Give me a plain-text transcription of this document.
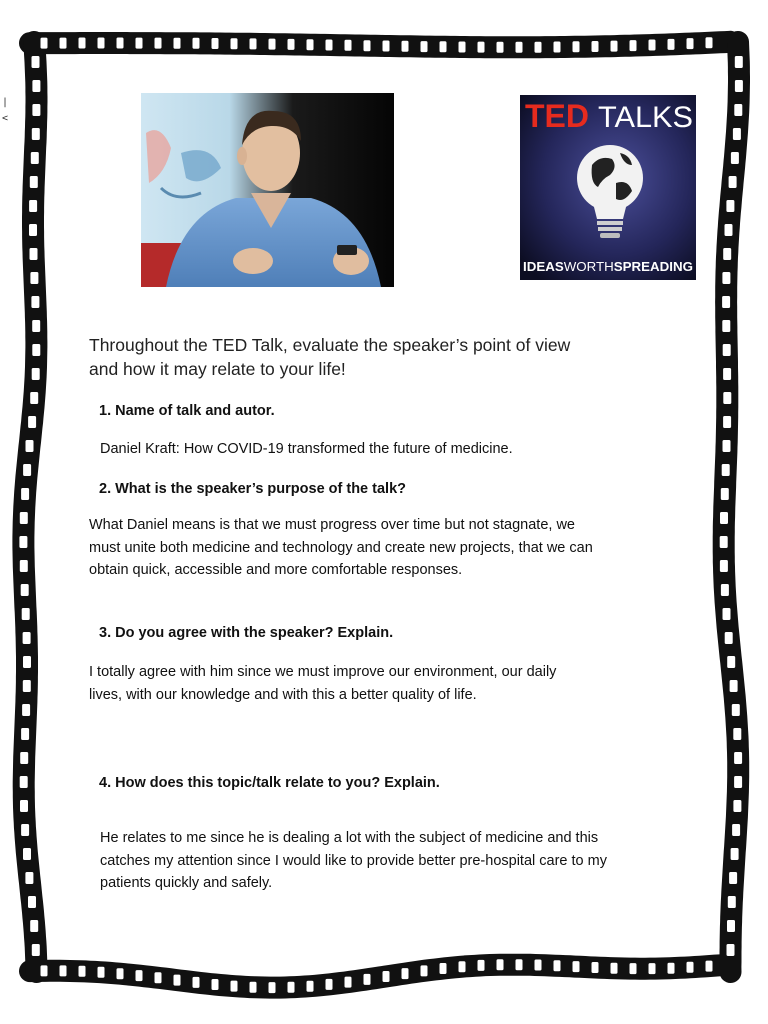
|
<	TED TALKS
IDEAS WORTH SPREADING
Throughout the TED Talk, evaluate the speaker’s point of view
and how it may relate to your life!
1. Name of talk and autor.
Daniel Kraft: How COVID-19 transformed the future of medicine.
2. What is the speaker’s purpose of the talk?
What Daniel means is that we must progress over time but not stagnate, we
must unite both medicine and technology and create new projects, that we can
obtain quick, accessible and more comfortable responses.
3. Do you agree with the speaker? Explain.
I totally agree with him since we must improve our environment, our daily
lives, with our knowledge and with this a better quality of life.
4. How does this topic/talk relate to you? Explain.
He relates to me since he is dealing a lot with the subject of medicine and this
catches my attention since I would like to provide better pre-hospital care to my
patients quickly and safely.
